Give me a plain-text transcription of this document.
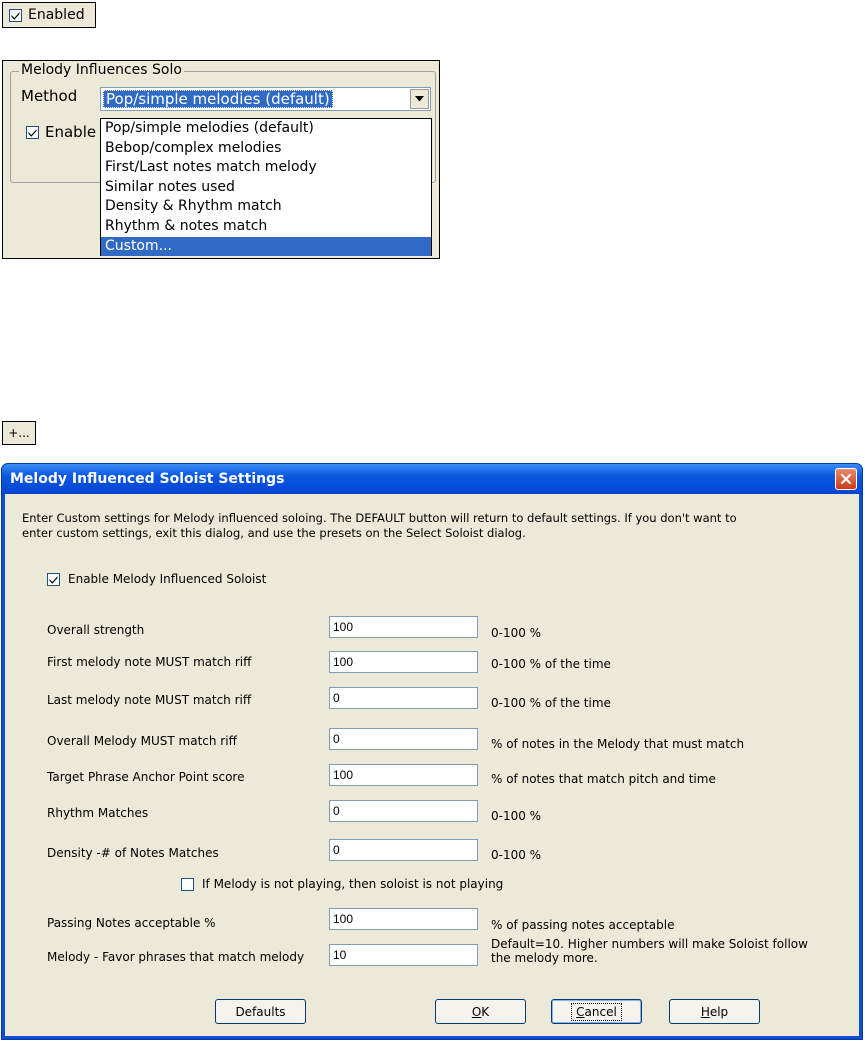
Enabled
Melody Influences Solo
Method Pop/simple melodies (default)
Enable Pop/simple melodies (default)
Bebop/complex melodies
First/Last notes match melody
Similar notes used
Density & Rhythm match
Rhythm & notes match
Custom...
+...
Melody Influenced Soloist Settings
Enter Custom settings for Melody influenced soloing. The DEFAULT button will return to default settings. If you don't want to enter custom settings, exit this dialog, and use the presets on the Select Soloist dialog.
Enable Melody Influenced Soloist
Overall strength
100	0-100 %
First melody note MUST match riff
100	0-100 % of the time
Last melody note MUST match riff
0	0-100 % of the time
Overall Melody MUST match riff
0	% of notes in the Melody that must match
Target Phrase Anchor Point score
100	% of notes that match pitch and time
Rhythm Matches
0	0-100 %
Density -# of Notes Matches
0	0-100 %
If Melody is not playing, then soloist is not playing
Passing Notes acceptable %
100	% of passing notes acceptable
Melody - Favor phrases that match melody
10
Default=10. Higher numbers will make Soloist follow the melody more.
Defaults	OK	Cancel	Help
